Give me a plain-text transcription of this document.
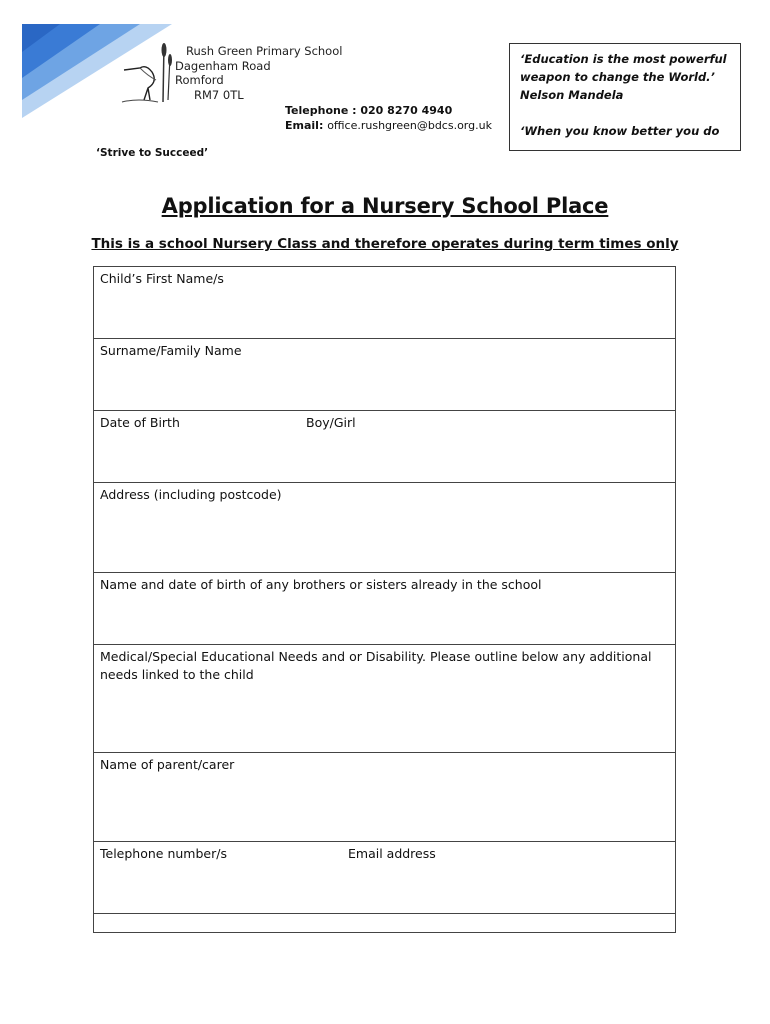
Rush Green Primary School
Dagenham Road
Romford
RM7 0TL
Telephone : 020 8270 4940
Email: office.rushgreen@bdcs.org.uk
‘Education is the most powerful
weapon to change the World.’
Nelson Mandela
‘When you know better you do
‘Strive to Succeed’
Application for a Nursery School Place
This is a school Nursery Class and therefore operates during term times only
Child’s First Name/s
Surname/Family Name
Date of Birth	Boy/Girl
Address (including postcode)
Name and date of birth of any brothers or sisters already in the school
Medical/Special Educational Needs and or Disability. Please outline below any additional needs linked to the child
Name of parent/carer
Telephone number/s	Email address
